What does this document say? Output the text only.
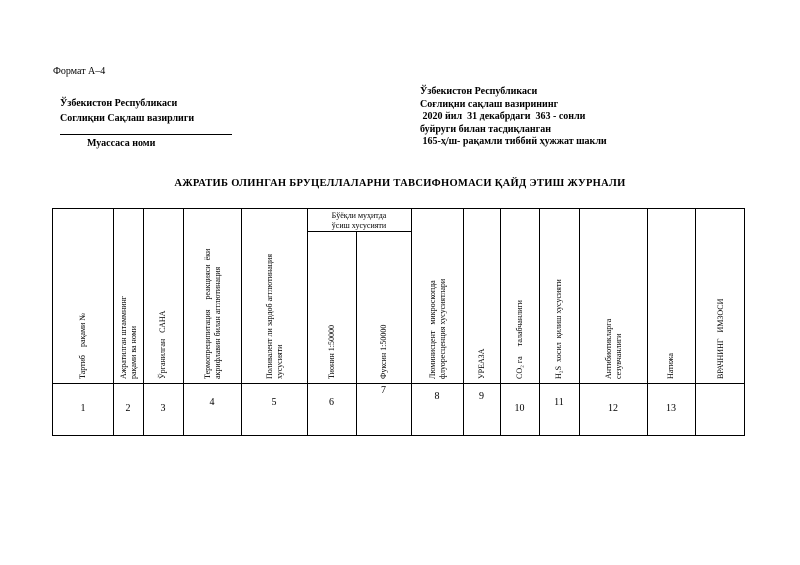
Формат А–4
Ўзбекистон Республикаси
Соглиқни Сақлаш вазирлиги
Муассаса номи
Ўзбекистон Республикаси
Соғлиқни сақлаш вазирининг
2020 йил  31 декабрдаги  363 - сонли
буйруги билан тасдиқланган
165-ҳ/ш- рақамли тиббий ҳужжат шакли
АЖРАТИБ ОЛИНГАН БРУЦЕЛЛАЛАРНИ ТАВСИФНОМАСИ ҚАЙД ЭТИШ ЖУРНАЛИ
Бўёқли муҳитда
ўсиш хусусияти
Тартиб    рақами №
1
Ажратилган штаммнинг рақами ва номи
2
Ўрганилган   САНА
3
Термопреципитация     реакцияси  ёки акрифлавин билан агглютинация
4
Поливалент ли зардоб агглютинация хусусияти
5
Тионин 1:50000
6
Фуксин 1:50000
7
Люминисцент   микроскопда флуоресценция хусусиятлари
8
УРЕАЗА
9
CO₂ га     талабчанлиги
10
H₂S  хосил  қилиш хусусияти
11
Антибиотикларга сезувчанлиги
12
Натижа
13
ВРАЧНИНГ   ИМЗОСИ
